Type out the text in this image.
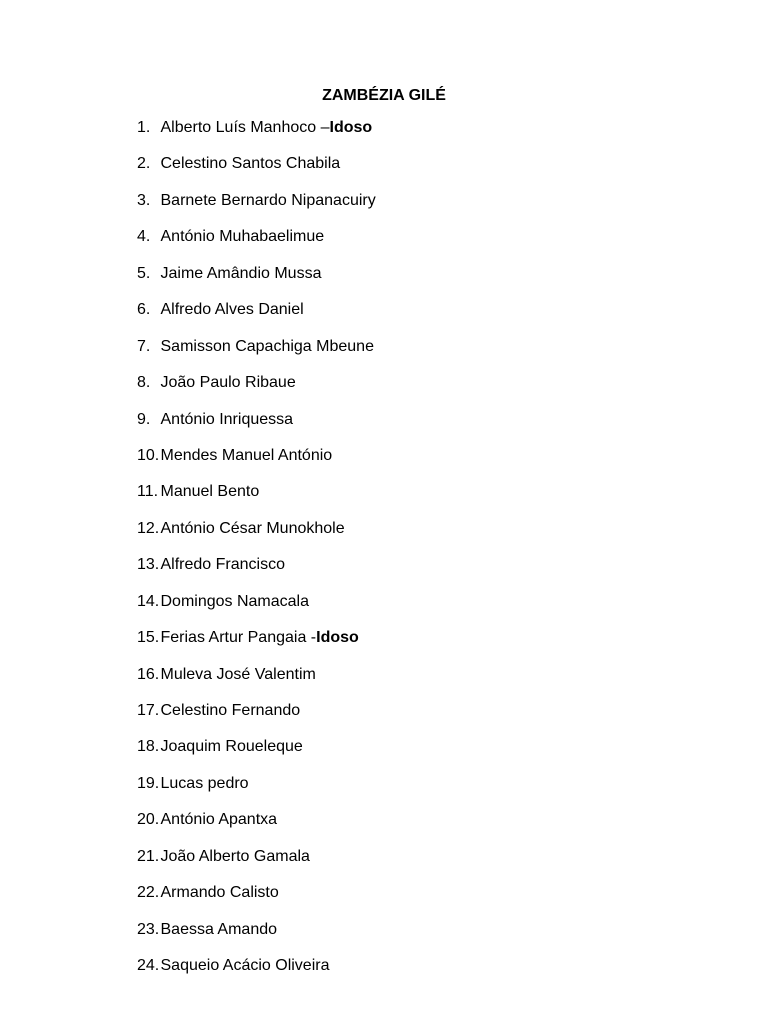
ZAMBÉZIA GILÉ
1. Alberto Luís Manhoco – Idoso
2. Celestino Santos Chabila
3. Barnete Bernardo Nipanacuiry
4. António Muhabaelimue
5. Jaime Amândio Mussa
6. Alfredo Alves Daniel
7. Samisson Capachiga Mbeune
8. João Paulo Ribaue
9. António Inriquessa
10. Mendes Manuel António
11. Manuel Bento
12. António César Munokhole
13. Alfredo Francisco
14. Domingos Namacala
15. Ferias Artur Pangaia - Idoso
16. Muleva José Valentim
17. Celestino Fernando
18. Joaquim Roueleque
19. Lucas pedro
20. António Apantxa
21. João Alberto Gamala
22. Armando Calisto
23. Baessa Amando
24. Saqueio Acácio Oliveira
